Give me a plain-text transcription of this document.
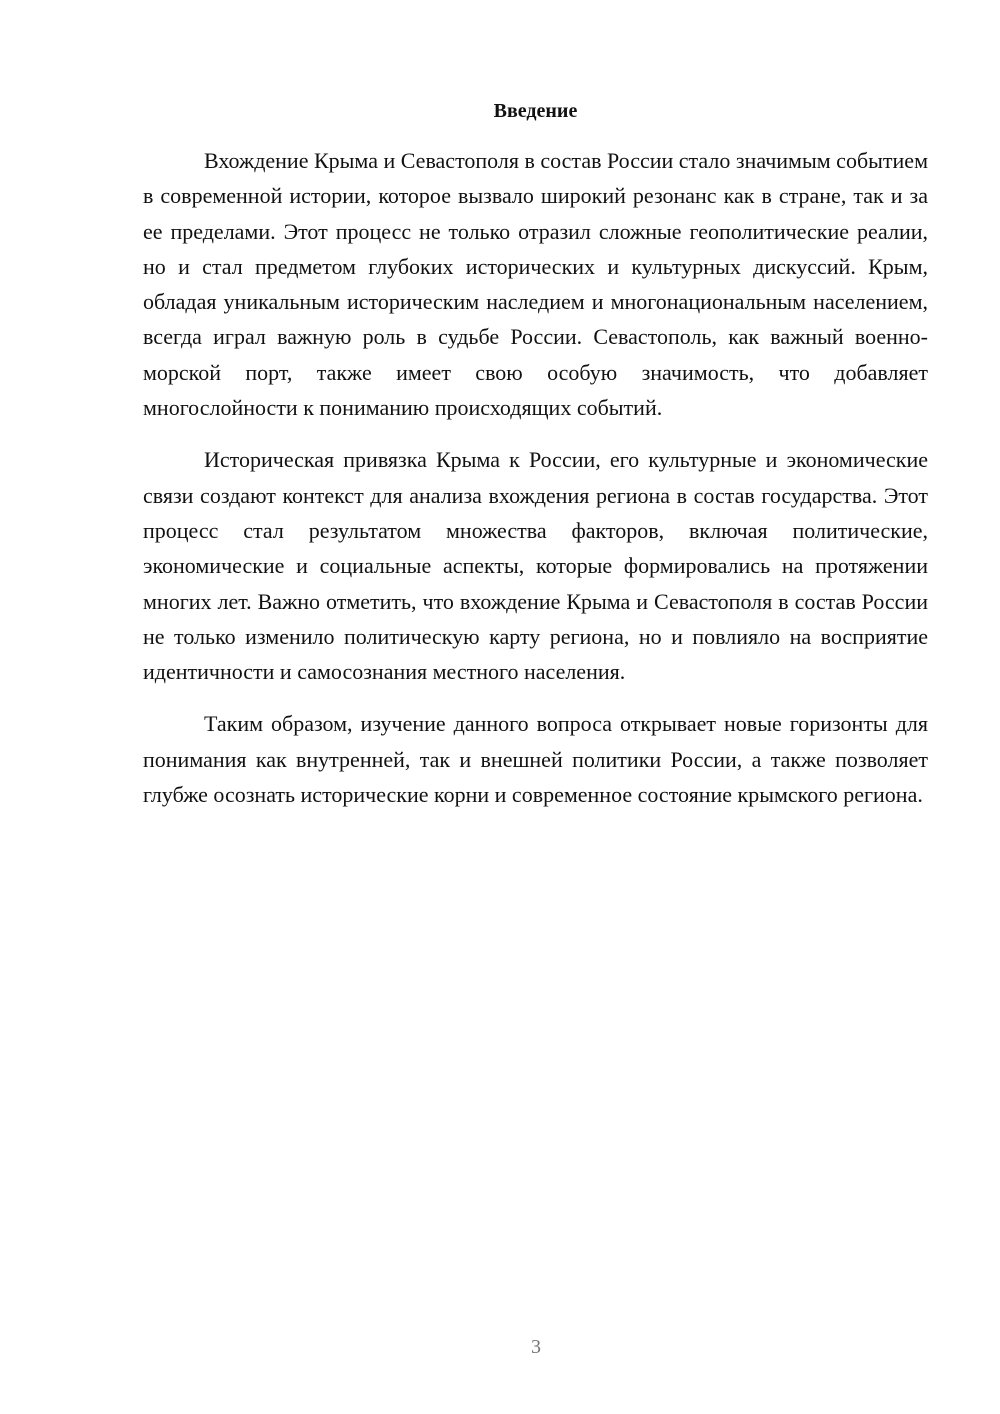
Введение

Вхождение Крыма и Севастополя в состав России стало значимым событием в современной истории, которое вызвало широкий резонанс как в стране, так и за ее пределами. Этот процесс не только отразил сложные геополитические реалии, но и стал предметом глубоких исторических и культурных дискуссий. Крым, обладая уникальным историческим наследием и многонациональным населением, всегда играл важную роль в судьбе России. Севастополь, как важный военно-морской порт, также имеет свою особую значимость, что добавляет многослойности к пониманию происходящих событий.

Историческая привязка Крыма к России, его культурные и экономические связи создают контекст для анализа вхождения региона в состав государства. Этот процесс стал результатом множества факторов, включая политические, экономические и социальные аспекты, которые формировались на протяжении многих лет. Важно отметить, что вхождение Крыма и Севастополя в состав России не только изменило политическую карту региона, но и повлияло на восприятие идентичности и самосознания местного населения.

Таким образом, изучение данного вопроса открывает новые горизонты для понимания как внутренней, так и внешней политики России, а также позволяет глубже осознать исторические корни и современное состояние крымского региона.

3
